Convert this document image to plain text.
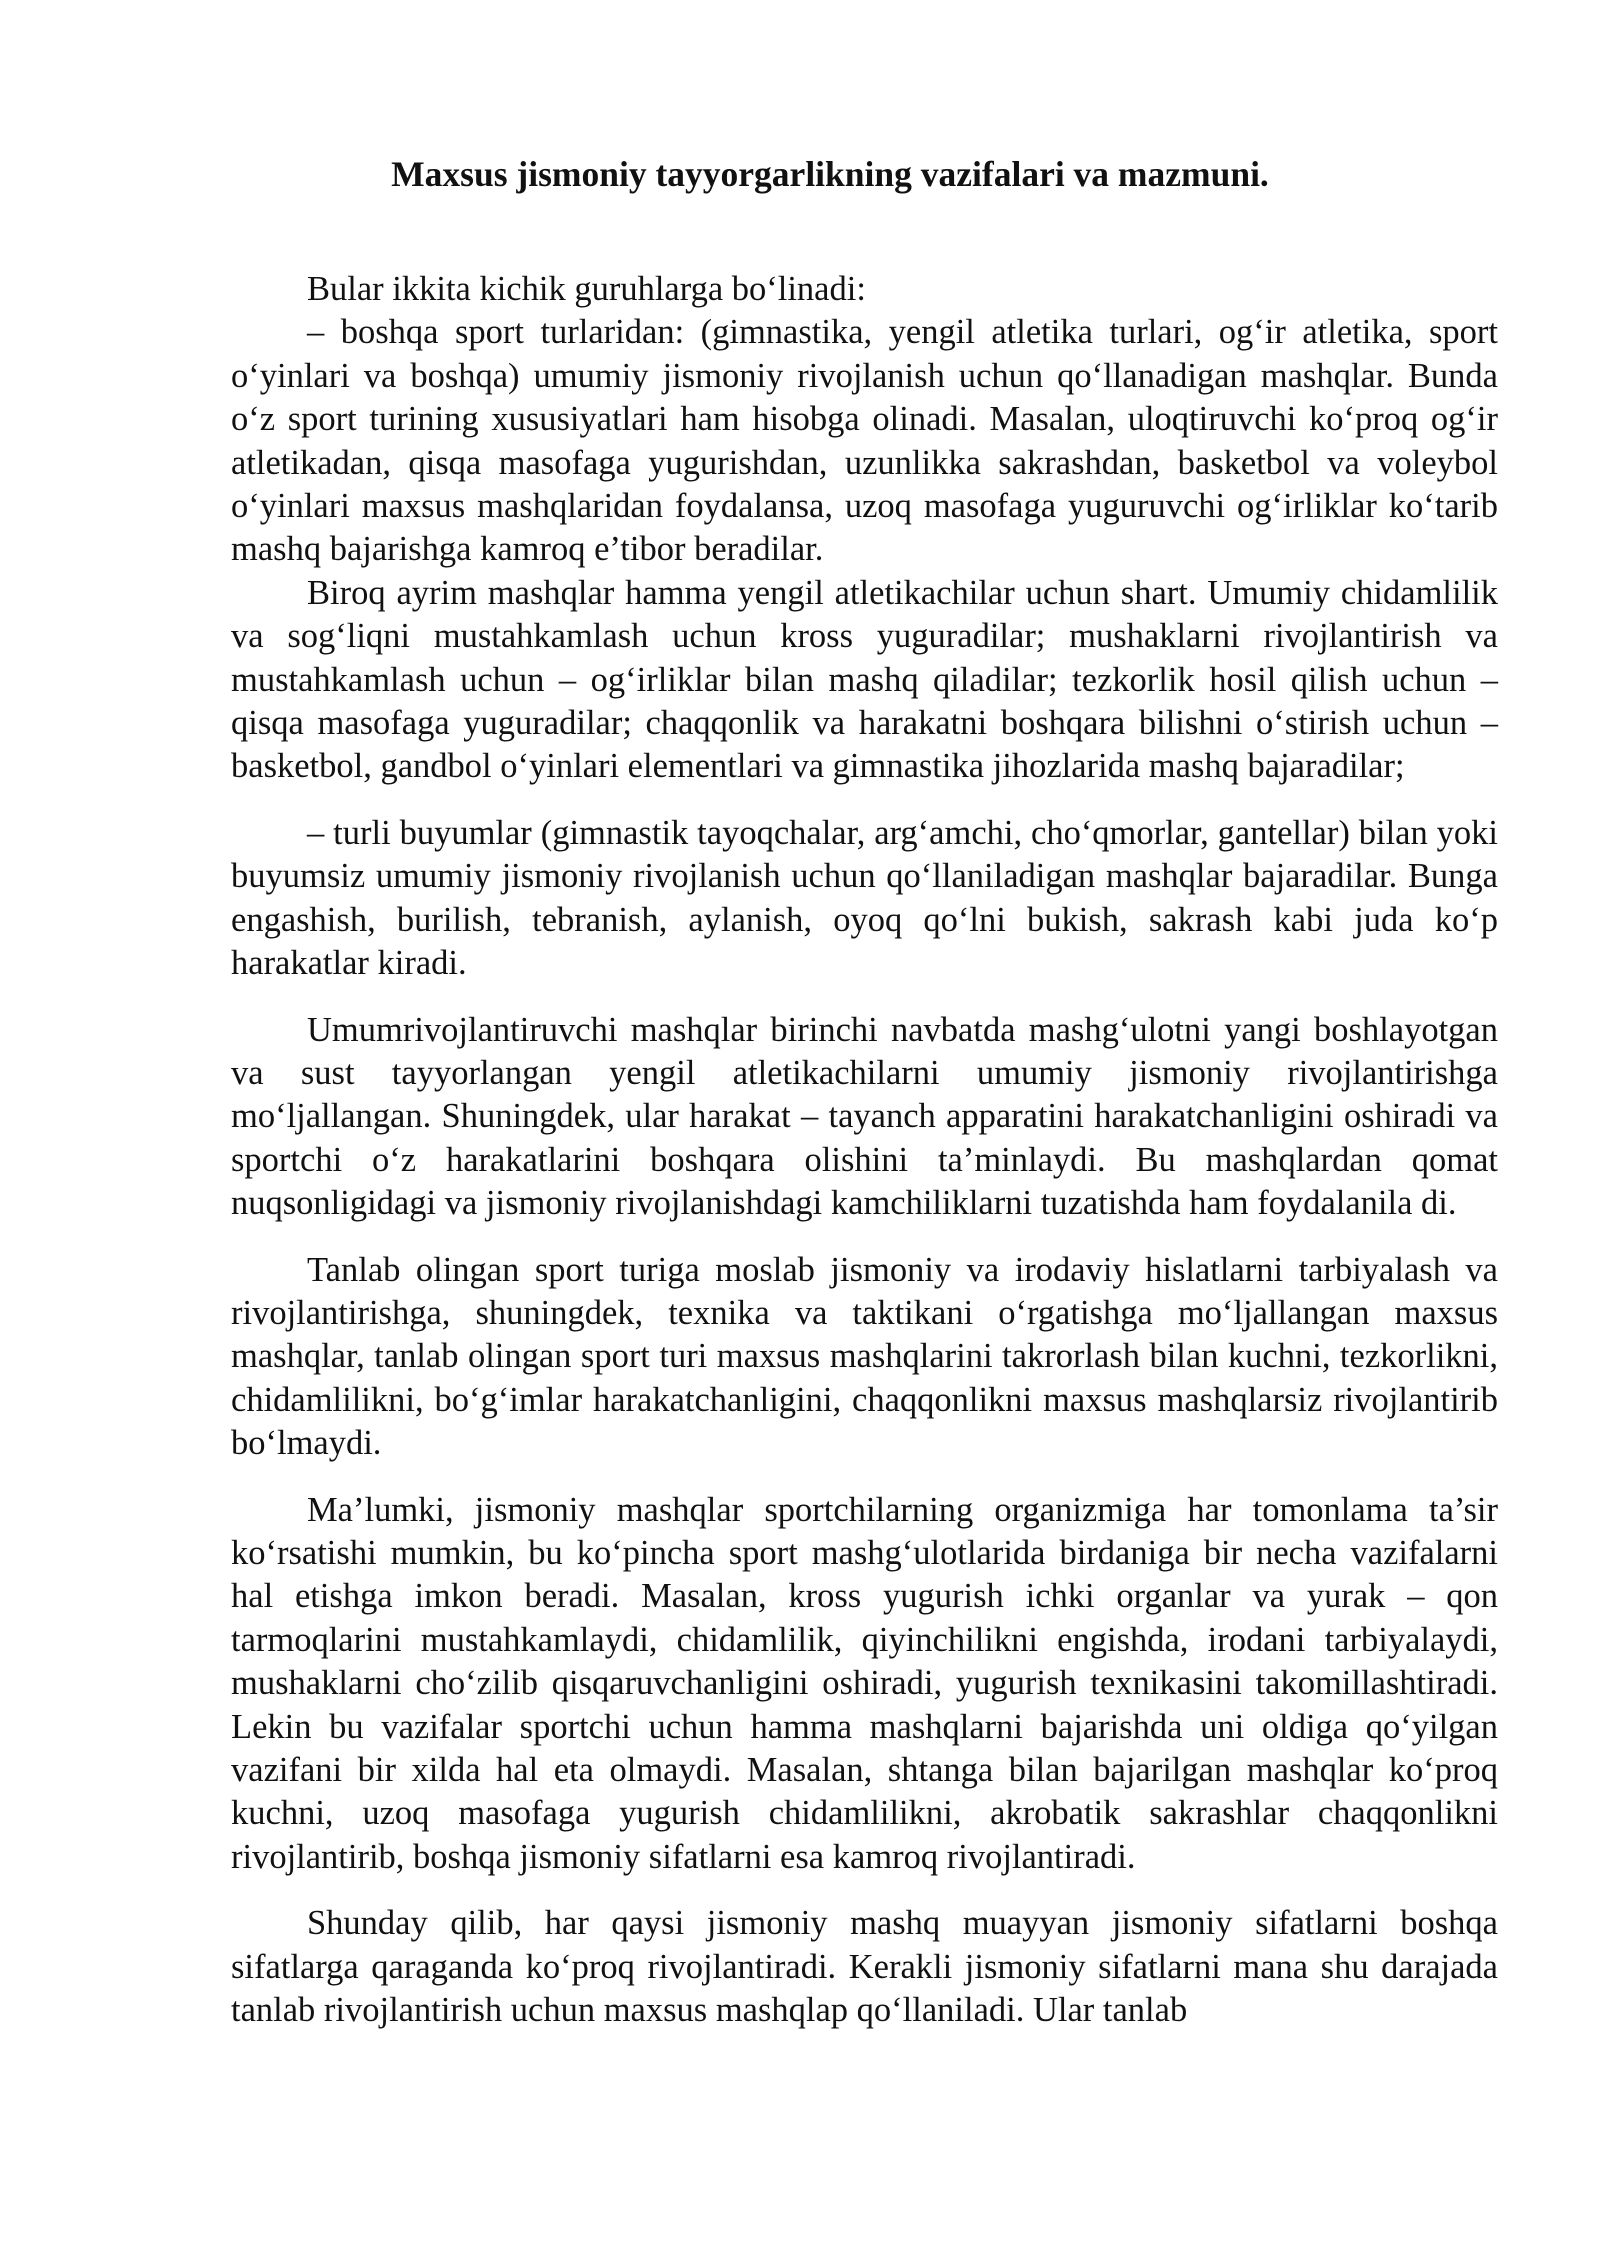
Maxsus jismoniy tayyorgarlikning vazifalari va mazmuni.

Bular ikkita kichik guruhlarga bo‘linadi:

– boshqa sport turlaridan: (gimnastika, yengil atletika turlari, og‘ir atletika, sport o‘yinlari va boshqa) umumiy jismoniy rivojlanish uchun qo‘llanadigan mashqlar. Bunda o‘z sport turining xususiyatlari ham hisobga olinadi. Masalan, uloqtiruvchi ko‘proq og‘ir atletikadan, qisqa masofaga yugurishdan, uzunlikka sakrashdan, basketbol va voleybol o‘yinlari maxsus mashqlaridan foydalansa, uzoq masofaga yuguruvchi og‘irliklar ko‘tarib mashq bajarishga kamroq e’tibor beradilar.

Biroq ayrim mashqlar hamma yengil atletikachilar uchun shart. Umumiy chidamlilik va sog‘liqni mustahkamlash uchun kross yuguradilar; mushaklarni rivojlantirish va mustahkamlash uchun – og‘irliklar bilan mashq qiladilar; tezkorlik hosil qilish uchun – qisqa masofaga yuguradilar; chaqqonlik va harakatni boshqara bilishni o‘stirish uchun – basketbol, gandbol o‘yinlari elementlari va gimnastika jihozlarida mashq bajaradilar;

– turli buyumlar (gimnastik tayoqchalar, arg‘amchi, cho‘qmorlar, gantellar) bilan yoki buyumsiz umumiy jismoniy rivojlanish uchun qo‘llaniladigan mashqlar bajaradilar. Bunga engashish, burilish, tebranish, aylanish, oyoq qo‘lni bukish, sakrash kabi juda ko‘p harakatlar kiradi.

Umumrivojlantiruvchi mashqlar birinchi navbatda mashg‘ulotni yangi boshlayotgan va sust tayyorlangan yengil atletikachilarni umumiy jismoniy rivojlantirishga mo‘ljallangan. Shuningdek, ular harakat – tayanch apparatini harakatchanligini oshiradi va sportchi o‘z harakatlarini boshqara olishini ta’minlaydi. Bu mashqlardan qomat nuqsonligidagi va jismoniy rivojlanishdagi kamchiliklarni tuzatishda ham foydalanila di.

Tanlab olingan sport turiga moslab jismoniy va irodaviy hislatlarni tarbiyalash va rivojlantirishga, shuningdek, texnika va taktikani o‘rgatishga mo‘ljallangan maxsus mashqlar, tanlab olingan sport turi maxsus mashqlarini takrorlash bilan kuchni, tezkorlikni, chidamlilikni, bo‘g‘imlar harakatchanligini, chaqqonlikni maxsus mashqlarsiz rivojlantirib bo‘lmaydi.

Ma’lumki, jismoniy mashqlar sportchilarning organizmiga har tomonlama ta’sir ko‘rsatishi mumkin, bu ko‘pincha sport mashg‘ulotlarida birdaniga bir necha vazifalarni hal etishga imkon beradi. Masalan, kross yugurish ichki organlar va yurak – qon tarmoqlarini mustahkamlaydi, chidamlilik, qiyinchilikni engishda, irodani tarbiyalaydi, mushaklarni cho‘zilib qisqaruvchanligini oshiradi, yugurish texnikasini takomillashtiradi. Lekin bu vazifalar sportchi uchun hamma mashqlarni bajarishda uni oldiga qo‘yilgan vazifani bir xilda hal eta olmaydi. Masalan, shtanga bilan bajarilgan mashqlar ko‘proq kuchni, uzoq masofaga yugurish chidamlilikni, akrobatik sakrashlar chaqqonlikni rivojlantirib, boshqa jismoniy sifatlarni esa kamroq rivojlantiradi.

Shunday qilib, har qaysi jismoniy mashq muayyan jismoniy sifatlarni boshqa sifatlarga qaraganda ko‘proq rivojlantiradi. Kerakli jismoniy sifatlarni mana shu darajada tanlab rivojlantirish uchun maxsus mashqlap qo‘llaniladi. Ular tanlab
